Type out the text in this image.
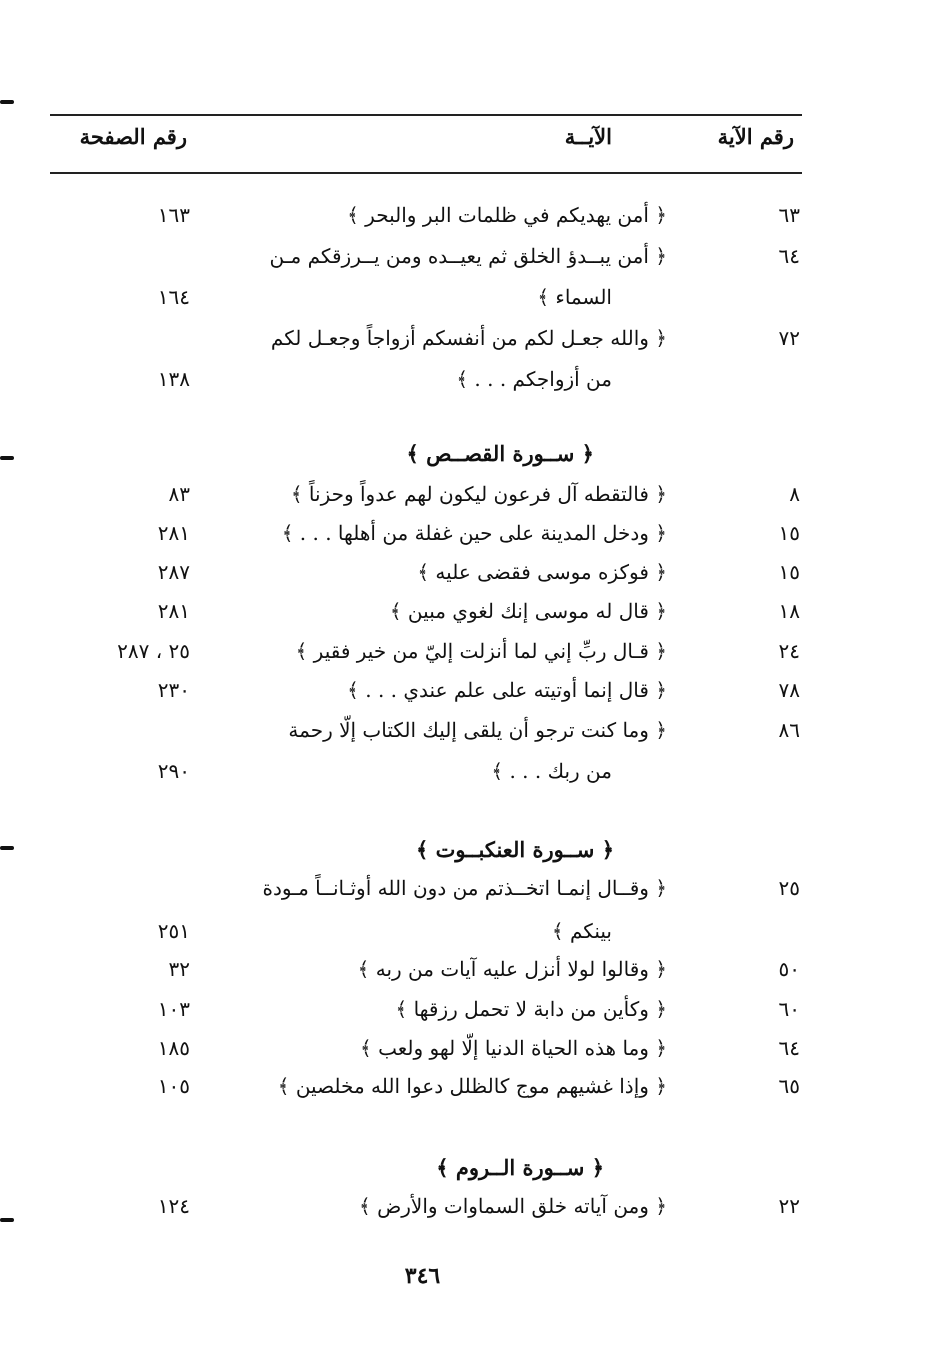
رقم الآية
الآيــة
رقم الصفحة
٦٣
﴿ أمن يهديكم في ظلمات البر والبحر ﴾
١٦٣
٦٤
﴿ أمن يبــدؤ الخلق ثم يعيــده ومن يــرزقكم مـن
السماء ﴾
١٦٤
٧٢
﴿ والله جعـل لكم من أنفسكم أزواجاً وجعـل لكم
من أزواجكم . . . ﴾
١٣٨
﴿ ســورة القصــص ﴾
٨
﴿ فالتقطه آل فرعون ليكون لهم عدواً وحزناً ﴾
٨٣
١٥
﴿ ودخل المدينة على حين غفلة من أهلها . . . ﴾
٢٨١
١٥
﴿ فوكزه موسى فقضى عليه ﴾
٢٨٧
١٨
﴿ قال له موسى إنك لغوي مبين ﴾
٢٨١
٢٤
﴿ قـال ربِّ إني لما أنزلت إليّ من خير فقير ﴾
٢٥ ، ٢٨٧
٧٨
﴿ قال إنما أوتيته على علم عندي . . . ﴾
٢٣٠
٨٦
﴿ وما كنت ترجو أن يلقى إليك الكتاب إلّا رحمة
من ربك . . . ﴾
٢٩٠
﴿ ســورة العنكبــوت ﴾
٢٥
﴿ وقــال إنمـا اتخــذتم من دون الله أوثـانــاً مـودة
بينكم ﴾
٢٥١
٥٠
﴿ وقالوا لولا أنزل عليه آيات من ربه ﴾
٣٢
٦٠
﴿ وكأين من دابة لا تحمل رزقها ﴾
١٠٣
٦٤
﴿ وما هذه الحياة الدنيا إلّا لهو ولعب ﴾
١٨٥
٦٥
﴿ وإذا غشيهم موج كالظلل دعوا الله مخلصين ﴾
١٠٥
﴿ ســورة الــروم ﴾
٢٢
﴿ ومن آياته خلق السماوات والأرض ﴾
١٢٤
٣٤٦
